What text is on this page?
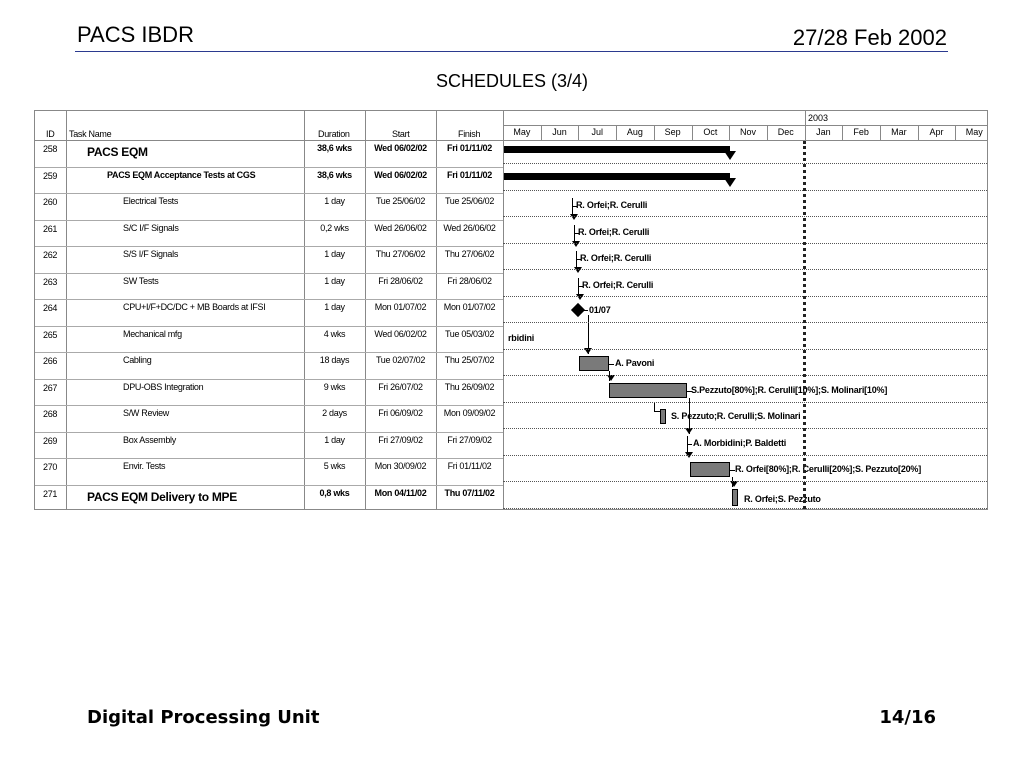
PACS IBDR	27/28 Feb 2002
SCHEDULES (3/4)
ID Task Name	Duration	Start	Finish
2003
258 PACS EQM	38,6 wks	Wed 06/02/02	Fri 01/11/02
259	PACS EQM Acceptance Tests at CGS	38,6 wks	Wed 06/02/02	Fri 01/11/02
260	Electrical Tests	1 day	Tue 25/06/02	Tue 25/06/02
261	S/C I/F Signals	0,2 wks	Wed 26/06/02	Wed 26/06/02
262	S/S I/F Signals	1 day	Thu 27/06/02	Thu 27/06/02
263	SW Tests	1 day	Fri 28/06/02	Fri 28/06/02
264	CPU+I/F+DC/DC + MB Boards at IFSI	1 day	Mon 01/07/02	Mon 01/07/02
265	Mechanical mfg	4 wks	Wed 06/02/02	Tue 05/03/02
266	Cabling	18 days	Tue 02/07/02	Thu 25/07/02
267	DPU-OBS Integration	9 wks	Fri 26/07/02	Thu 26/09/02
268	S/W Review	2 days	Fri 06/09/02	Mon 09/09/02
269	Box Assembly	1 day	Fri 27/09/02	Fri 27/09/02
270	Envir. Tests	5 wks	Mon 30/09/02	Fri 01/11/02
271 PACS EQM Delivery to MPE	0,8 wks	Mon 04/11/02	Thu 07/11/02
R. Orfei;R. Cerulli
R. Orfei;R. Cerulli
R. Orfei;R. Cerulli
R. Orfei;R. Cerulli
01/07
rbidini
A. Pavoni
S.Pezzuto[80%];R. Cerulli[10%];S. Molinari[10%]
S. Pezzuto;R. Cerulli;S. Molinari
A. Morbidini;P. Baldetti
R. Orfei[80%];R. Cerulli[20%];S. Pezzuto[20%]
R. Orfei;S. Pezzuto
May	Jun	Jul	Aug	Sep	Oct	Nov	Dec	Jan	Feb	Mar	Apr	May
Digital Processing Unit	14/16
